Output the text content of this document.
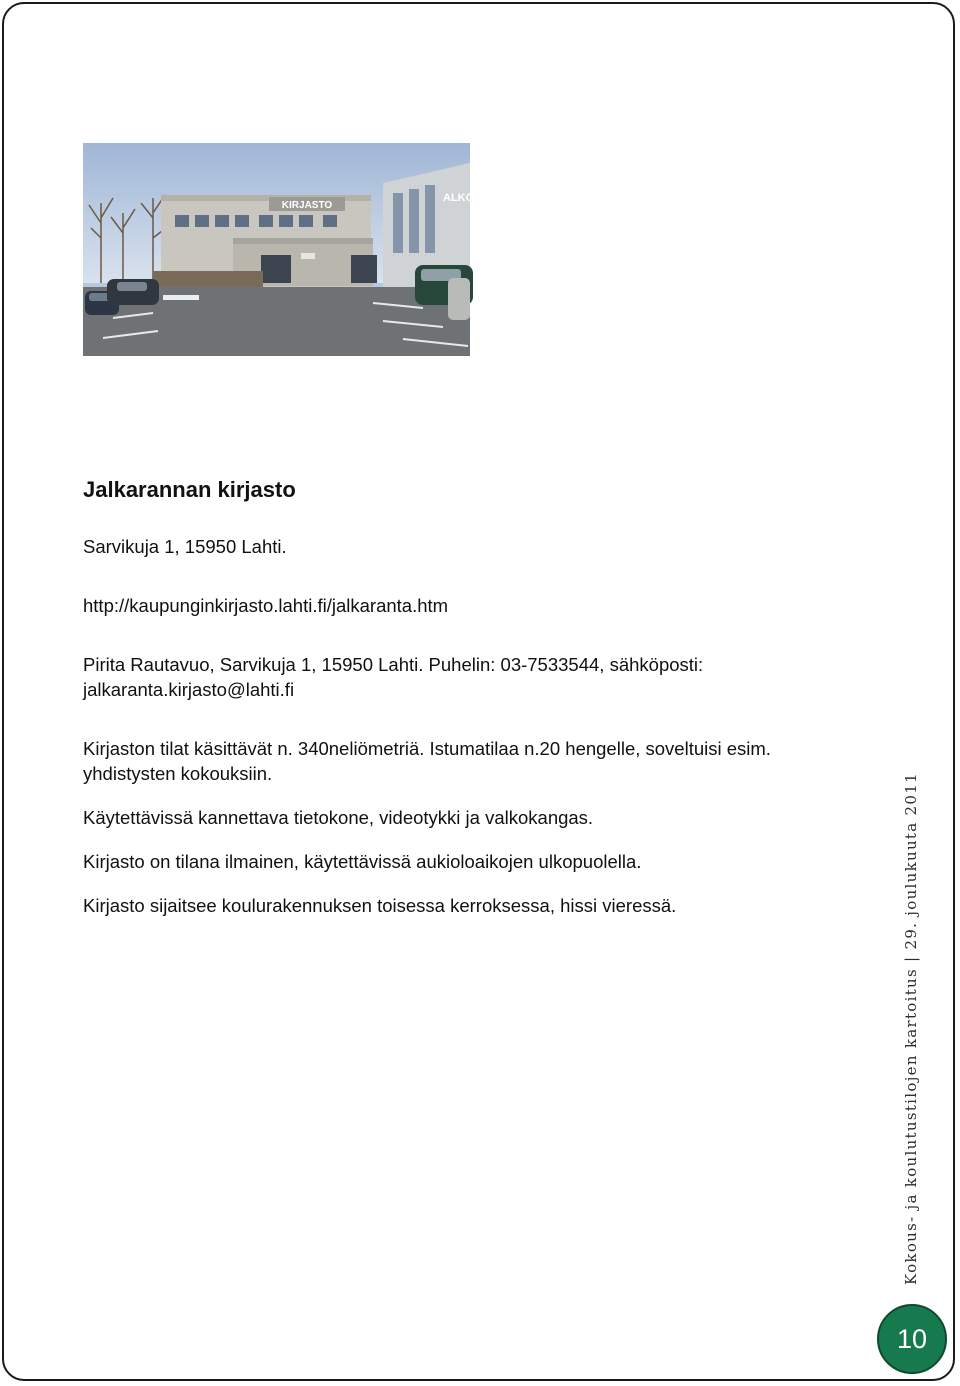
KIRJASTO
ALKO
Jalkarannan kirjasto

Sarvikuja 1, 15950 Lahti.

http://kaupunginkirjasto.lahti.fi/jalkaranta.htm

Pirita Rautavuo, Sarvikuja 1, 15950 Lahti. Puhelin: 03-7533544, sähköposti:

jalkaranta.kirjasto@lahti.fi

Kirjaston tilat käsittävät n. 340neliömetriä. Istumatilaa n.20 hengelle, soveltuisi esim.

yhdistysten kokouksiin.

Käytettävissä kannettava tietokone, videotykki ja valkokangas.

Kirjasto on tilana ilmainen, käytettävissä aukioloaikojen ulkopuolella.

Kirjasto sijaitsee koulurakennuksen toisessa kerroksessa, hissi vieressä.	Kokous- ja koulutustilojen kartoitus | 29. joulukuuta 2011
10
